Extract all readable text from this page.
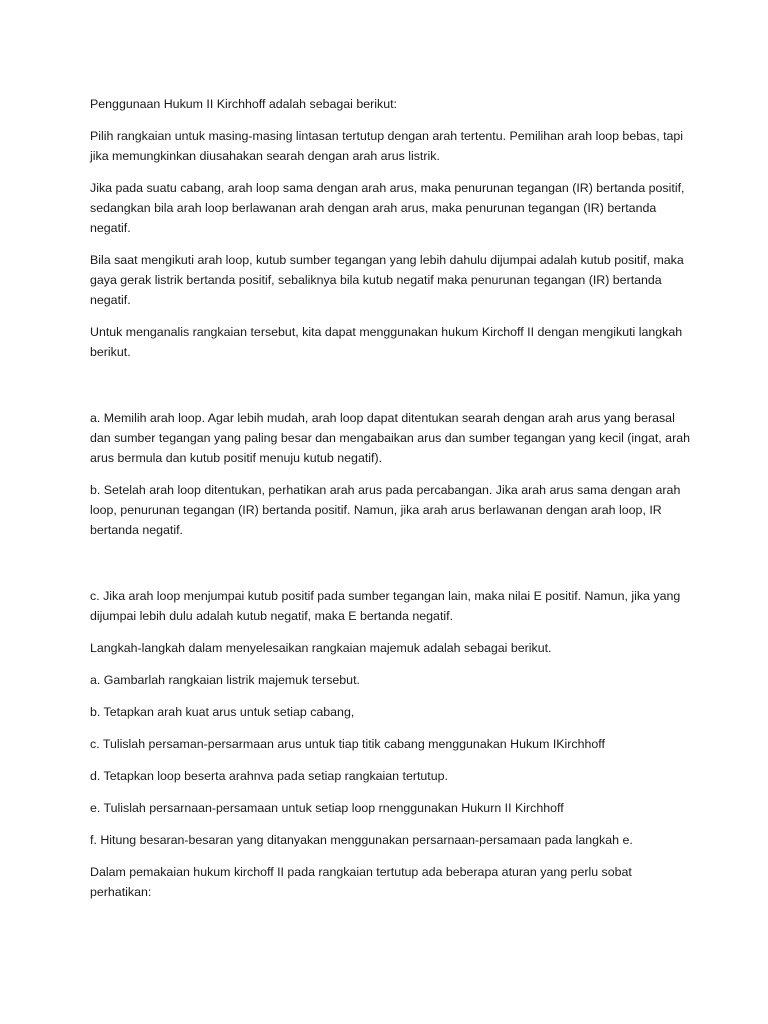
Penggunaan Hukum II Kirchhoff adalah sebagai berikut:

Pilih rangkaian untuk masing-masing lintasan tertutup dengan arah tertentu. Pemilihan arah loop bebas, tapi jika memungkinkan diusahakan searah dengan arah arus listrik.

Jika pada suatu cabang, arah loop sama dengan arah arus, maka penurunan tegangan (IR) bertanda positif, sedangkan bila arah loop berlawanan arah dengan arah arus, maka penurunan tegangan (IR) bertanda negatif.

Bila saat mengikuti arah loop, kutub sumber tegangan yang lebih dahulu dijumpai adalah kutub positif, maka gaya gerak listrik bertanda positif, sebaliknya bila kutub negatif maka penurunan tegangan (IR) bertanda negatif.

Untuk menganalis rangkaian tersebut, kita dapat menggunakan hukum Kirchoff II dengan mengikuti langkah berikut.

a. Memilih arah loop. Agar lebih mudah, arah loop dapat ditentukan searah dengan arah arus yang berasal dan sumber tegangan yang paling besar dan mengabaikan arus dan sumber tegangan yang kecil (ingat, arah arus bermula dan kutub positif menuju kutub negatif).

b. Setelah arah loop ditentukan, perhatikan arah arus pada percabangan. Jika arah arus sama dengan arah loop, penurunan tegangan (IR) bertanda positif. Namun, jika arah arus berlawanan dengan arah loop, IR bertanda negatif.

c. Jika arah loop menjumpai kutub positif pada sumber tegangan lain, maka nilai E positif. Namun, jika yang dijumpai lebih dulu adalah kutub negatif, maka E bertanda negatif.

Langkah-langkah dalam menyelesaikan rangkaian majemuk adalah sebagai berikut.

a. Gambarlah rangkaian listrik majemuk tersebut.

b. Tetapkan arah kuat arus untuk setiap cabang,

c. Tulislah persaman-persarmaan arus untuk tiap titik cabang menggunakan Hukum IKirchhoff

d. Tetapkan loop beserta arahnva pada setiap rangkaian tertutup.

e. Tulislah persarnaan-persamaan untuk setiap loop rnenggunakan Hukurn II Kirchhoff

f. Hitung besaran-besaran yang ditanyakan menggunakan persarnaan-persamaan pada langkah e.

Dalam pemakaian hukum kirchoff II pada rangkaian tertutup ada beberapa aturan yang perlu sobat perhatikan:
